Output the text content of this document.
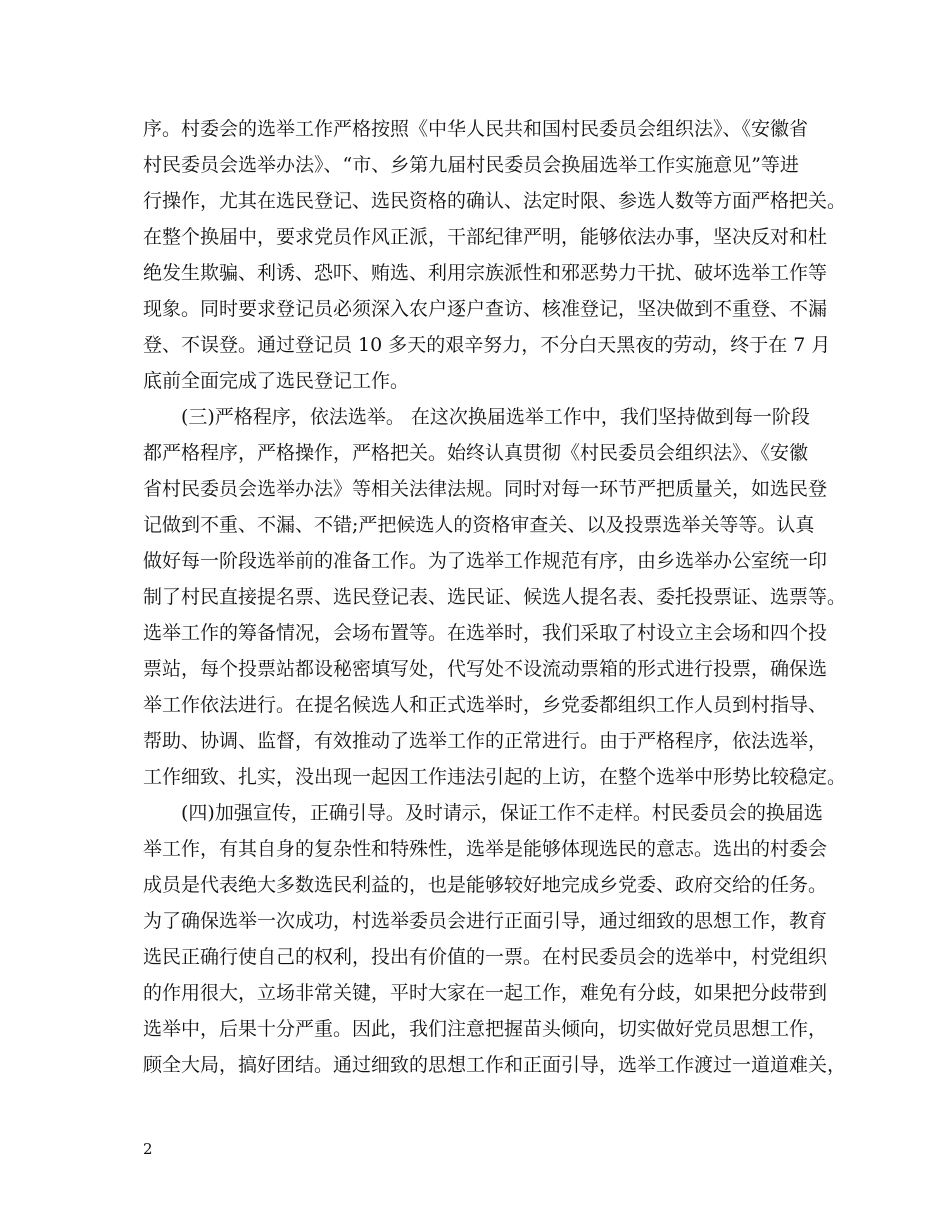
序。村委会的选举工作严格按照《中华人民共和国村民委员会组织法》、《安徽省
村民委员会选举办法》、“市、乡第九届村民委员会换届选举工作实施意见”等进
行操作，尤其在选民登记、选民资格的确认、法定时限、参选人数等方面严格把关。
在整个换届中，要求党员作风正派，干部纪律严明，能够依法办事，坚决反对和杜
绝发生欺骗、利诱、恐吓、贿选、利用宗族派性和邪恶势力干扰、破坏选举工作等
现象。同时要求登记员必须深入农户逐户查访、核准登记，坚决做到不重登、不漏
登、不误登。通过登记员 10 多天的艰辛努力，不分白天黑夜的劳动，终于在 7 月
底前全面完成了选民登记工作。
　　(三)严格程序，依法选举。 在这次换届选举工作中，我们坚持做到每一阶段
都严格程序，严格操作，严格把关。始终认真贯彻《村民委员会组织法》、《安徽
省村民委员会选举办法》等相关法律法规。同时对每一环节严把质量关，如选民登
记做到不重、不漏、不错;严把候选人的资格审查关、以及投票选举关等等。认真
做好每一阶段选举前的准备工作。为了选举工作规范有序，由乡选举办公室统一印
制了村民直接提名票、选民登记表、选民证、候选人提名表、委托投票证、选票等。
选举工作的筹备情况，会场布置等。在选举时，我们采取了村设立主会场和四个投
票站，每个投票站都设秘密填写处，代写处不设流动票箱的形式进行投票，确保选
举工作依法进行。在提名候选人和正式选举时，乡党委都组织工作人员到村指导、
帮助、协调、监督，有效推动了选举工作的正常进行。由于严格程序，依法选举，
工作细致、扎实，没出现一起因工作违法引起的上访，在整个选举中形势比较稳定。
　　(四)加强宣传，正确引导。及时请示，保证工作不走样。村民委员会的换届选
举工作，有其自身的复杂性和特殊性，选举是能够体现选民的意志。选出的村委会
成员是代表绝大多数选民利益的，也是能够较好地完成乡党委、政府交给的任务。
为了确保选举一次成功，村选举委员会进行正面引导，通过细致的思想工作，教育
选民正确行使自己的权利，投出有价值的一票。在村民委员会的选举中，村党组织
的作用很大，立场非常关键，平时大家在一起工作，难免有分歧，如果把分歧带到
选举中，后果十分严重。因此，我们注意把握苗头倾向，切实做好党员思想工作，
顾全大局，搞好团结。通过细致的思想工作和正面引导，选举工作渡过一道道难关，
2
